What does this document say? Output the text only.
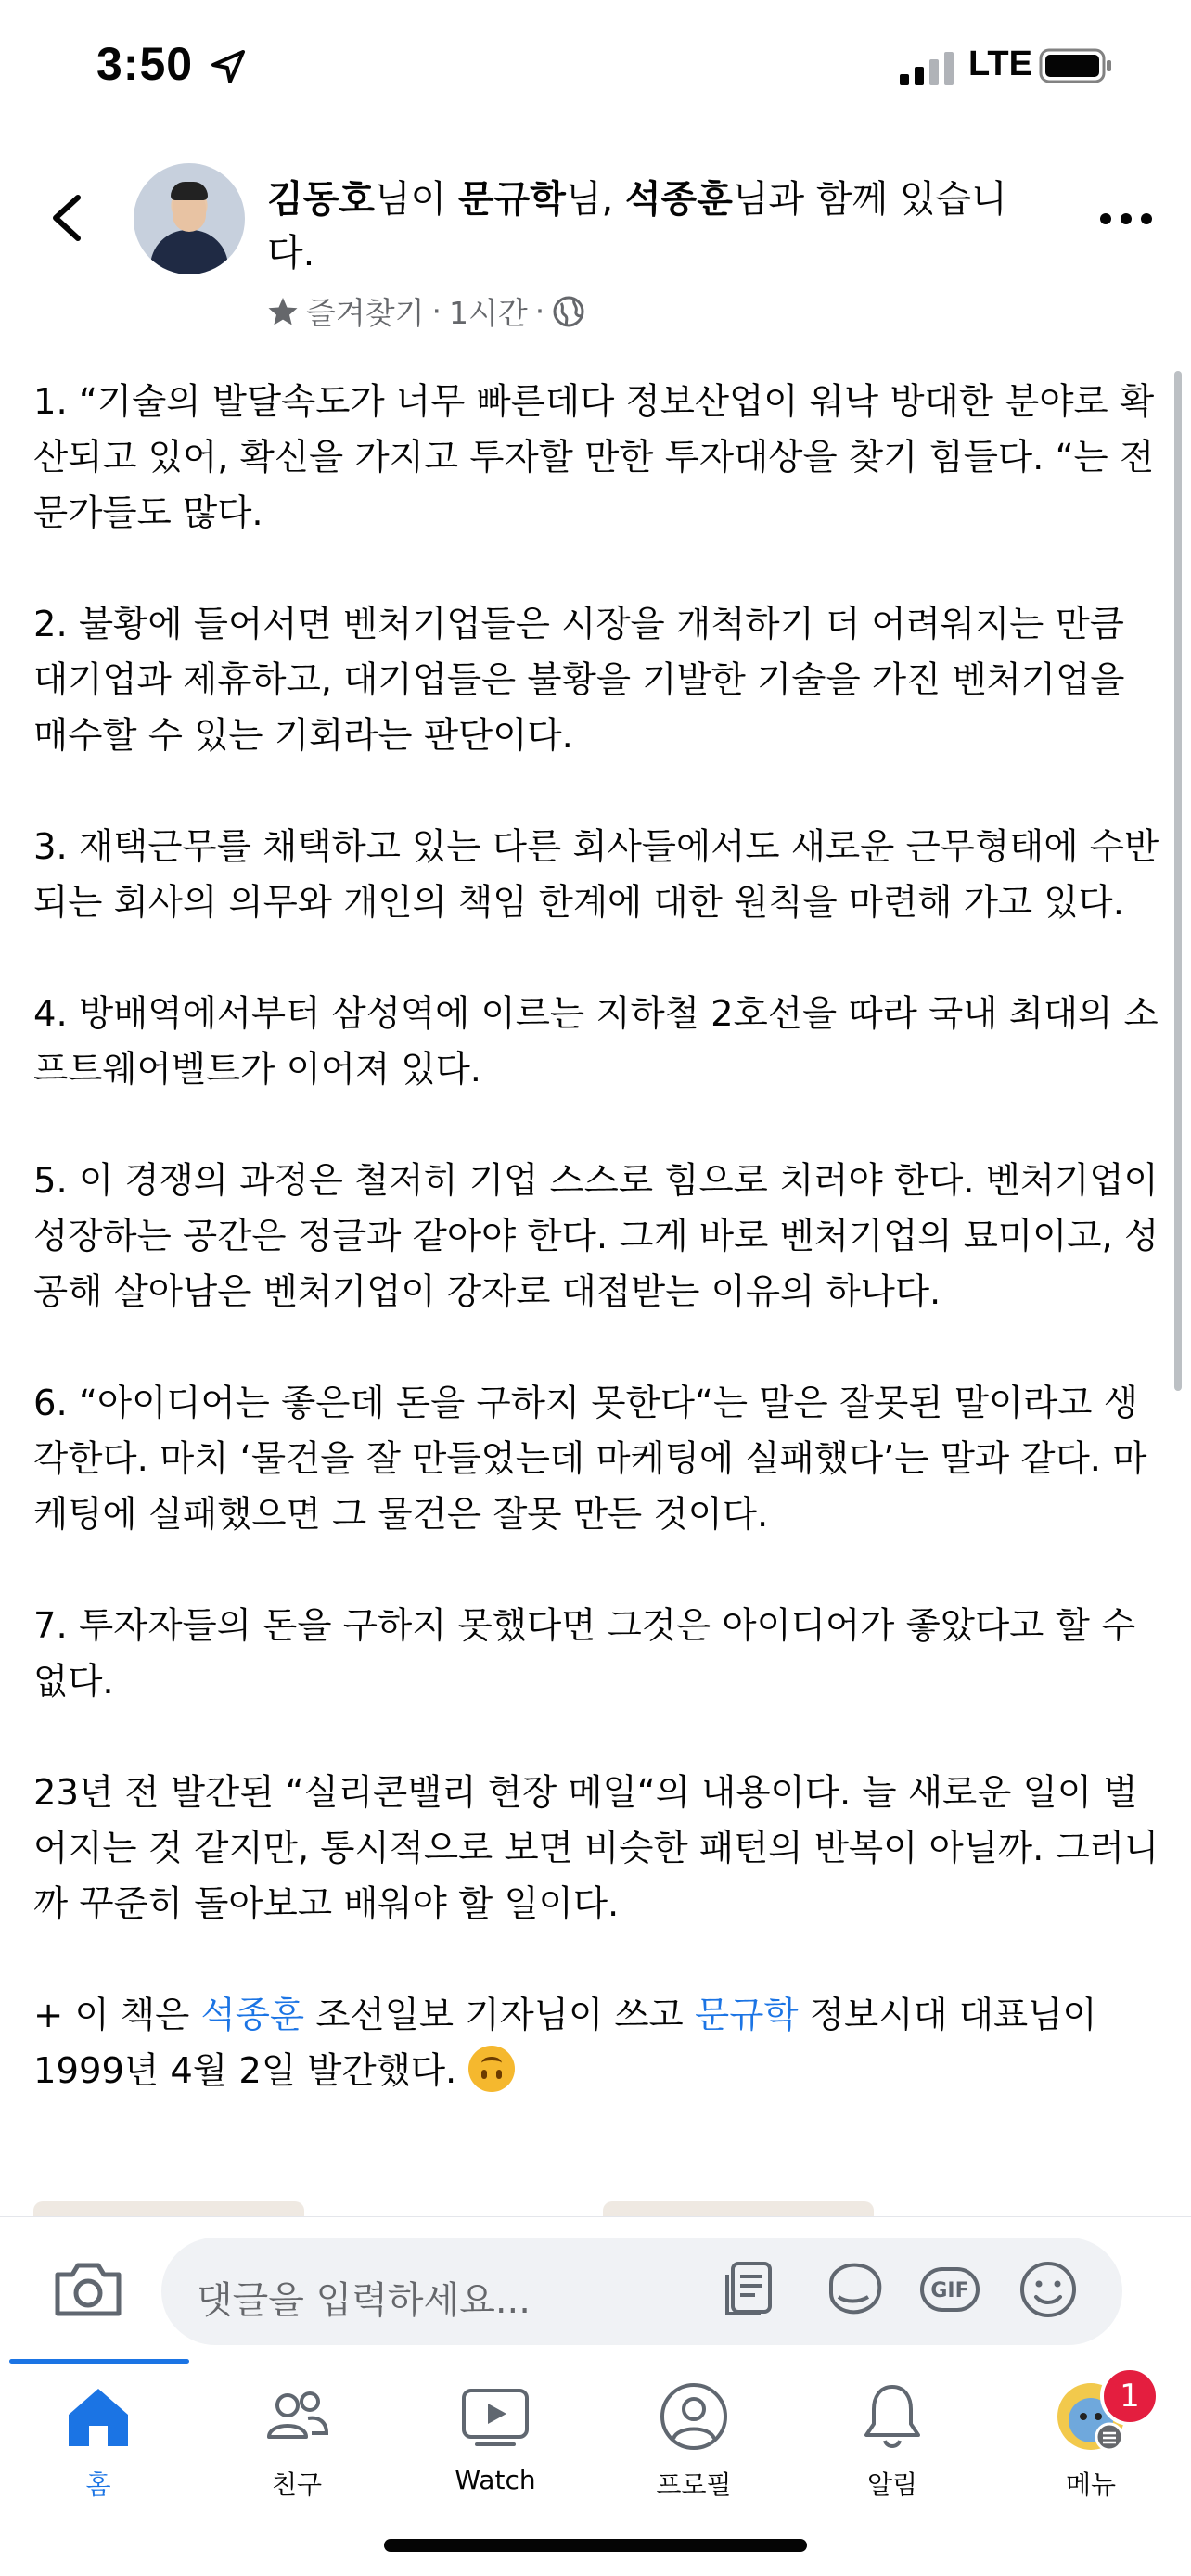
3:50	LTE
김동호님이 문규학님, 석종훈님과 함께 있습니다.
즐겨찾기 · 1시간 ·

1. “기술의 발달속도가 너무 빠른데다 정보산업이 워낙 방대한 분야로 확산되고 있어, 확신을 가지고 투자할 만한 투자대상을 찾기 힘들다. “는 전문가들도 많다.

2. 불황에 들어서면 벤처기업들은 시장을 개척하기 더 어려워지는 만큼 대기업과 제휴하고, 대기업들은 불황을 기발한 기술을 가진 벤처기업을 매수할 수 있는 기회라는 판단이다.

3. 재택근무를 채택하고 있는 다른 회사들에서도 새로운 근무형태에 수반되는 회사의 의무와 개인의 책임 한계에 대한 원칙을 마련해 가고 있다.

4. 방배역에서부터 삼성역에 이르는 지하철 2호선을 따라 국내 최대의 소프트웨어벨트가 이어져 있다.

5. 이 경쟁의 과정은 철저히 기업 스스로 힘으로 치러야 한다. 벤처기업이 성장하는 공간은 정글과 같아야 한다. 그게 바로 벤처기업의 묘미이고, 성공해 살아남은 벤처기업이 강자로 대접받는 이유의 하나다.

6. “아이디어는 좋은데 돈을 구하지 못한다“는 말은 잘못된 말이라고 생각한다. 마치 ‘물건을 잘 만들었는데 마케팅에 실패했다’는 말과 같다. 마케팅에 실패했으면 그 물건은 잘못 만든 것이다.

7. 투자자들의 돈을 구하지 못했다면 그것은 아이디어가 좋았다고 할 수 없다.

23년 전 발간된 “실리콘밸리 현장 메일“의 내용이다. 늘 새로운 일이 벌어지는 것 같지만, 통시적으로 보면 비슷한 패턴의 반복이 아닐까. 그러니까 꾸준히 돌아보고 배워야 할 일이다.

+ 이 책은 석종훈 조선일보 기자님이 쓰고 문규학 정보시대 대표님이 1999년 4월 2일 발간했다.

댓글을 입력하세요...	GIF
홈	친구	Watch	프로필	알림	메뉴
1
